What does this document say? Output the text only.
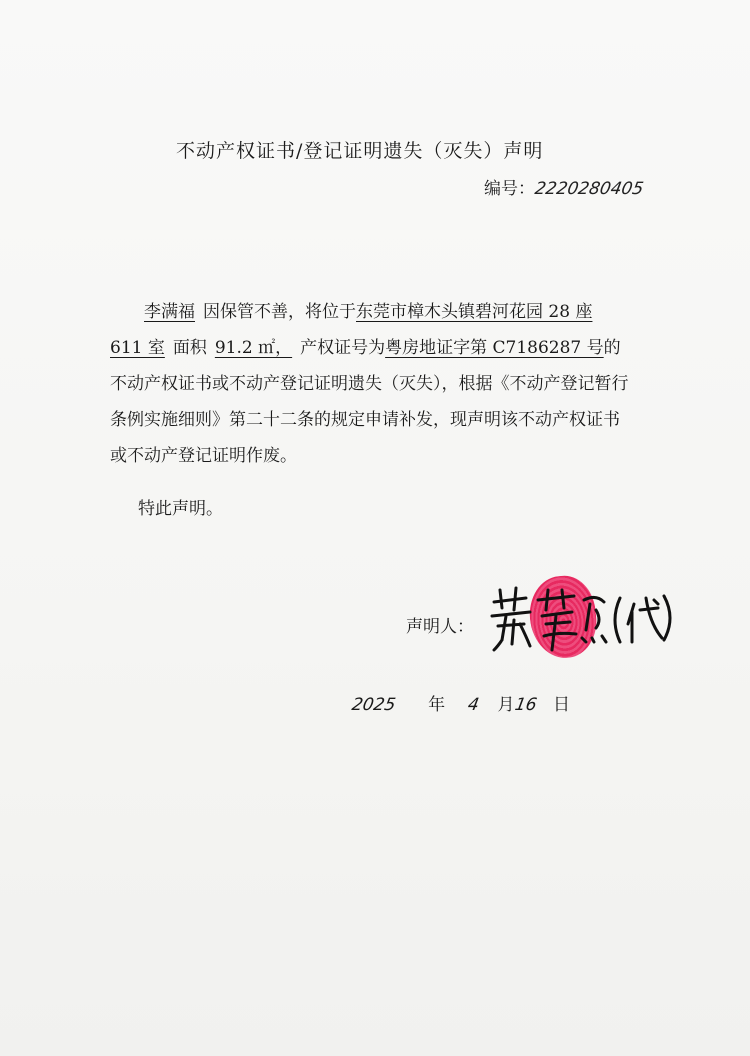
不动产权证书/登记证明遗失（灭失）声明
编号：2220280405

李满福 因保管不善，将位于东莞市樟木头镇碧河花园 28 座 611 室 面积 91.2 ㎡， 产权证号为粤房地证字第 C7186287 号的不动产权证书或不动产登记证明遗失（灭失），根据《不动产登记暂行条例实施细则》第二十二条的规定申请补发，现声明该不动产权证书或不动产登记证明作废。

特此声明。
声明人：
2025 年 4 月16 日
